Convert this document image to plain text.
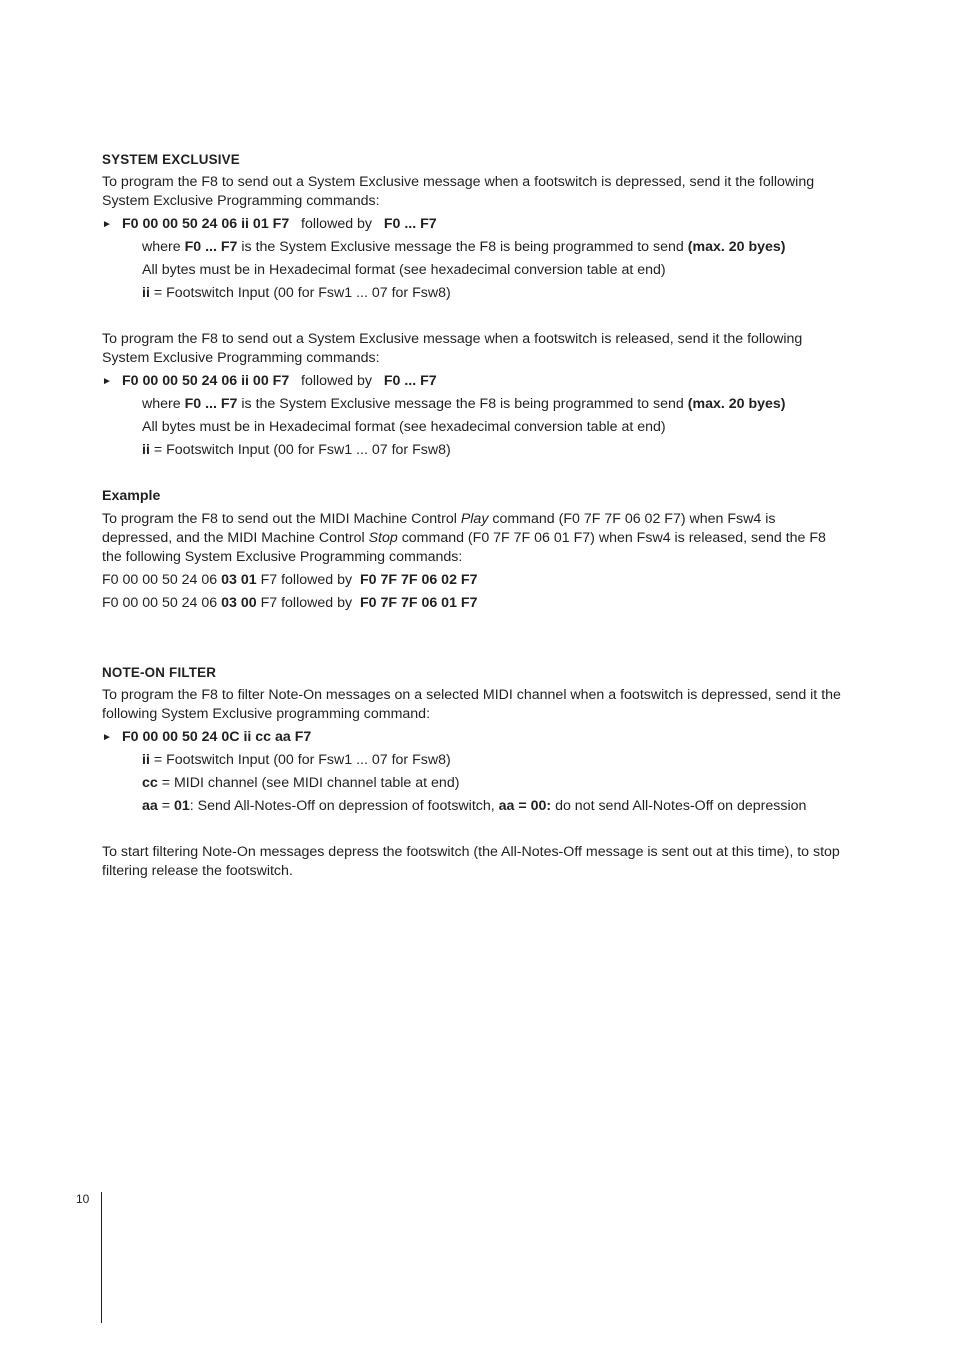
SYSTEM EXCLUSIVE

To program the F8 to send out a System Exclusive message when a footswitch is depressed, send it the following System Exclusive Programming commands:

► F0 00 00 50 24 06 ii 01 F7 followed by F0 ... F7
where F0 ... F7 is the System Exclusive message the F8 is being programmed to send (max. 20 byes)
All bytes must be in Hexadecimal format (see hexadecimal conversion table at end)
ii = Footswitch Input (00 for Fsw1 ... 07 for Fsw8)

To program the F8 to send out a System Exclusive message when a footswitch is released, send it the following System Exclusive Programming commands:

► F0 00 00 50 24 06 ii 00 F7 followed by F0 ... F7
where F0 ... F7 is the System Exclusive message the F8 is being programmed to send (max. 20 byes)
All bytes must be in Hexadecimal format (see hexadecimal conversion table at end)
ii = Footswitch Input (00 for Fsw1 ... 07 for Fsw8)
Example

To program the F8 to send out the MIDI Machine Control Play command (F0 7F 7F 06 02 F7) when Fsw4 is depressed, and the MIDI Machine Control Stop command (F0 7F 7F 06 01 F7) when Fsw4 is released, send the F8 the following System Exclusive Programming commands:

F0 00 00 50 24 06 03 01 F7 followed by F0 7F 7F 06 02 F7
F0 00 00 50 24 06 03 00 F7 followed by F0 7F 7F 06 01 F7
NOTE-ON FILTER

To program the F8 to filter Note-On messages on a selected MIDI channel when a footswitch is depressed, send it the following System Exclusive programming command:

► F0 00 00 50 24 0C ii cc aa F7
ii = Footswitch Input (00 for Fsw1 ... 07 for Fsw8)
cc = MIDI channel (see MIDI channel table at end)
aa = 01: Send All-Notes-Off on depression of footswitch, aa = 00: do not send All-Notes-Off on depression

To start filtering Note-On messages depress the footswitch (the All-Notes-Off message is sent out at this time), to stop filtering release the footswitch.

10
